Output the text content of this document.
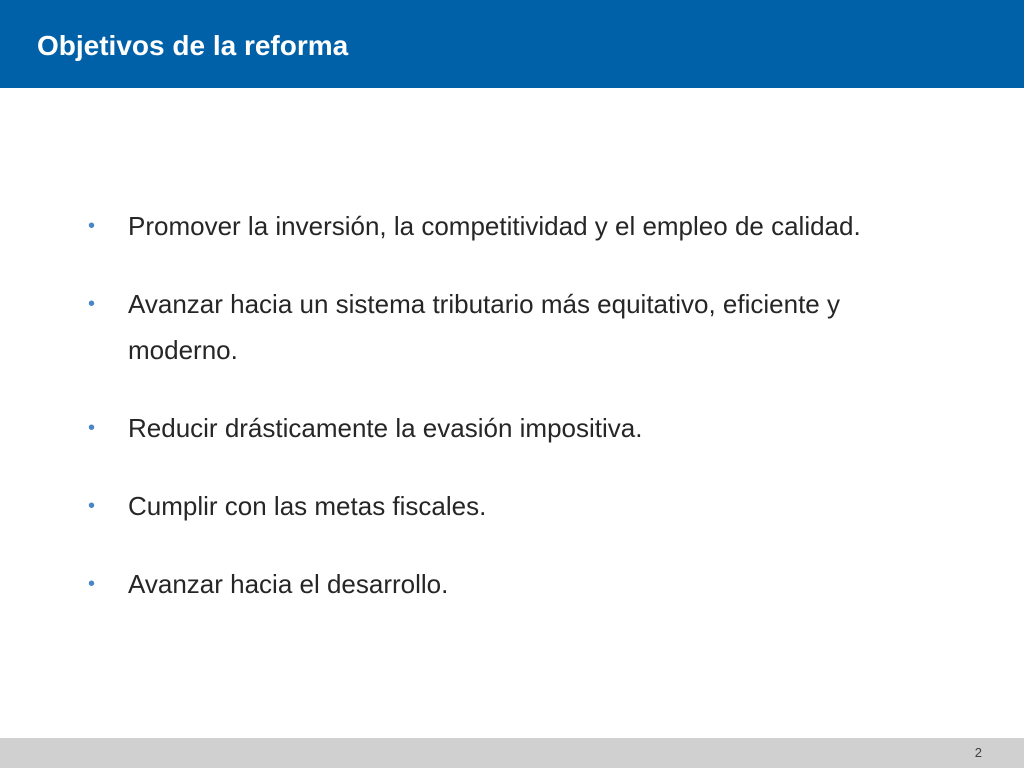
Objetivos de la reforma
•	Promover la inversión, la competitividad y el empleo de calidad.
•	Avanzar hacia un sistema tributario más equitativo, eficiente y moderno.
•	Reducir drásticamente la evasión impositiva.
•	Cumplir con las metas fiscales.
•	Avanzar hacia el desarrollo.
2
